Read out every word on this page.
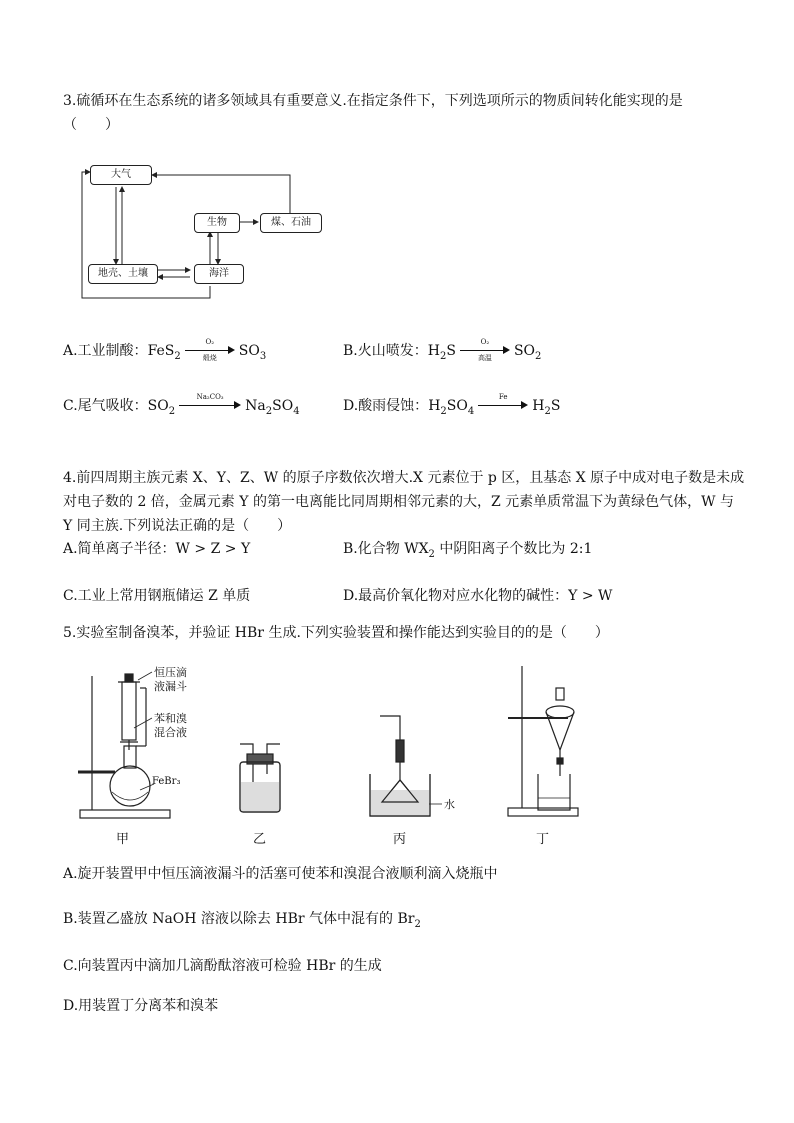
3.硫循环在生态系统的诸多领域具有重要意义.在指定条件下，下列选项所示的物质间转化能实现的是
（　　）
大气
生物	煤、石油
地壳、土壤	海洋
A.工业制酸：FeS$_2$
O₂
煅烧	$SO_3$	B.火山喷发：$H_2S$
O₂
高温	$SO_2$
C.尾气吸收：$SO_2$
Na₂CO₃
$Na_2SO_4$	D.酸雨侵蚀：$H_2SO_4$
Fe
$H_2S$
4.前四周期主族元素 X、Y、Z、W 的原子序数依次增大.X 元素位于 p 区，且基态 X 原子中成对电子数是未成
对电子数的 2 倍，金属元素 Y 的第一电离能比同周期相邻元素的大，Z 元素单质常温下为黄绿色气体，W 与
Y 同主族.下列说法正确的是（　　）
A.简单离子半径：W > Z > Y	B.化合物 $WX_2$ 中阴阳离子个数比为 2:1
C.工业上常用钢瓶储运 Z 单质	D.最高价氧化物对应水化物的碱性：Y > W
5.实验室制备溴苯，并验证 HBr 生成.下列实验装置和操作能达到实验目的的是（　　）
恒压滴
液漏斗
苯和溴
混合液
FeBr₃
水
甲	乙	丙	丁
A.旋开装置甲中恒压滴液漏斗的活塞可使苯和溴混合液顺利滴入烧瓶中
B.装置乙盛放 NaOH 溶液以除去 HBr 气体中混有的 $Br_2$
C.向装置丙中滴加几滴酚酞溶液可检验 HBr 的生成
D.用装置丁分离苯和溴苯
